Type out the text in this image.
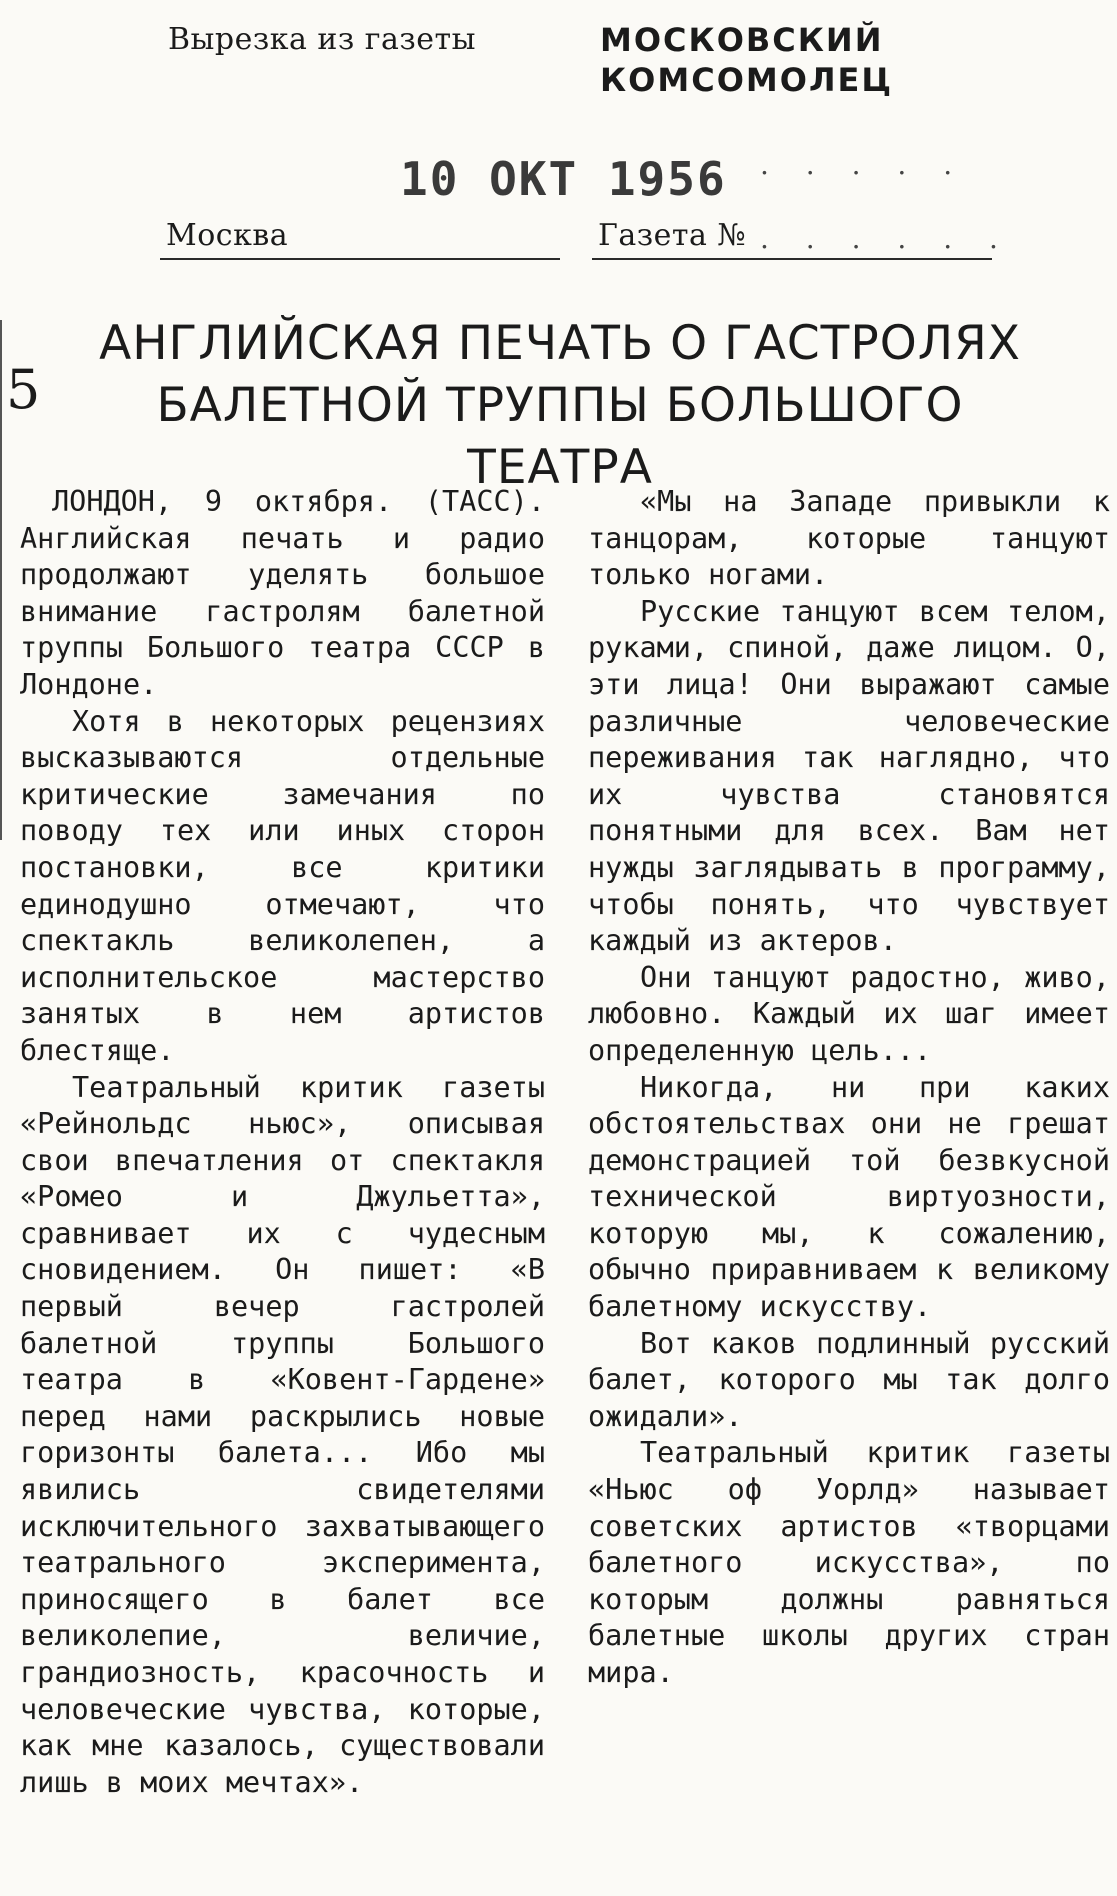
Вырезка из газеты	МОСКОВСКИЙ
КОМСОМОЛЕЦ
10 ОКТ 1956 . . . . .
Москва	Газета № . . . . . .
5
АНГЛИЙСКАЯ ПЕЧАТЬ О ГАСТРОЛЯХ
БАЛЕТНОЙ ТРУППЫ БОЛЬШОГО
ТЕАТРА

ЛОНДОН, 9 октября. (ТАСС). Английская печать и радио продолжают уделять большое внимание гастролям балетной труппы Большого театра СССР в Лондоне.

Хотя в некоторых рецензиях высказываются отдельные критические замечания по поводу тех или иных сторон постановки, все критики единодушно отмечают, что спектакль великолепен, а исполнительское мастерство занятых в нем артистов блестяще.

Театральный критик газеты «Рейнольдс ньюс», описывая свои впечатления от спектакля «Ромео и Джульетта», сравнивает их с чудесным сновидением. Он пишет: «В первый вечер гастролей балетной труппы Большого театра в «Ковент-Гардене» перед нами раскрылись новые горизонты балета... Ибо мы явились свидетелями исключительного захватывающего театрального эксперимента, приносящего в балет все великолепие, величие, грандиозность, красочность и человеческие чувства, которые, как мне казалось, существовали лишь в моих мечтах».

«Мы на Западе привыкли к танцорам, которые танцуют только ногами.

Русские танцуют всем телом, руками, спиной, даже лицом. О, эти лица! Они выражают самые различные человеческие переживания так наглядно, что их чувства становятся понятными для всех. Вам нет нужды заглядывать в программу, чтобы понять, что чувствует каждый из актеров.

Они танцуют радостно, живо, любовно. Каждый их шаг имеет определенную цель...

Никогда, ни при каких обстоятельствах они не грешат демонстрацией той безвкусной технической виртуозности, которую мы, к сожалению, обычно приравниваем к великому балетному искусству.

Вот каков подлинный русский балет, которого мы так долго ожидали».

Театральный критик газеты «Ньюс оф Уорлд» называет советских артистов «творцами балетного искусства», по которым должны равняться балетные школы других стран мира.
